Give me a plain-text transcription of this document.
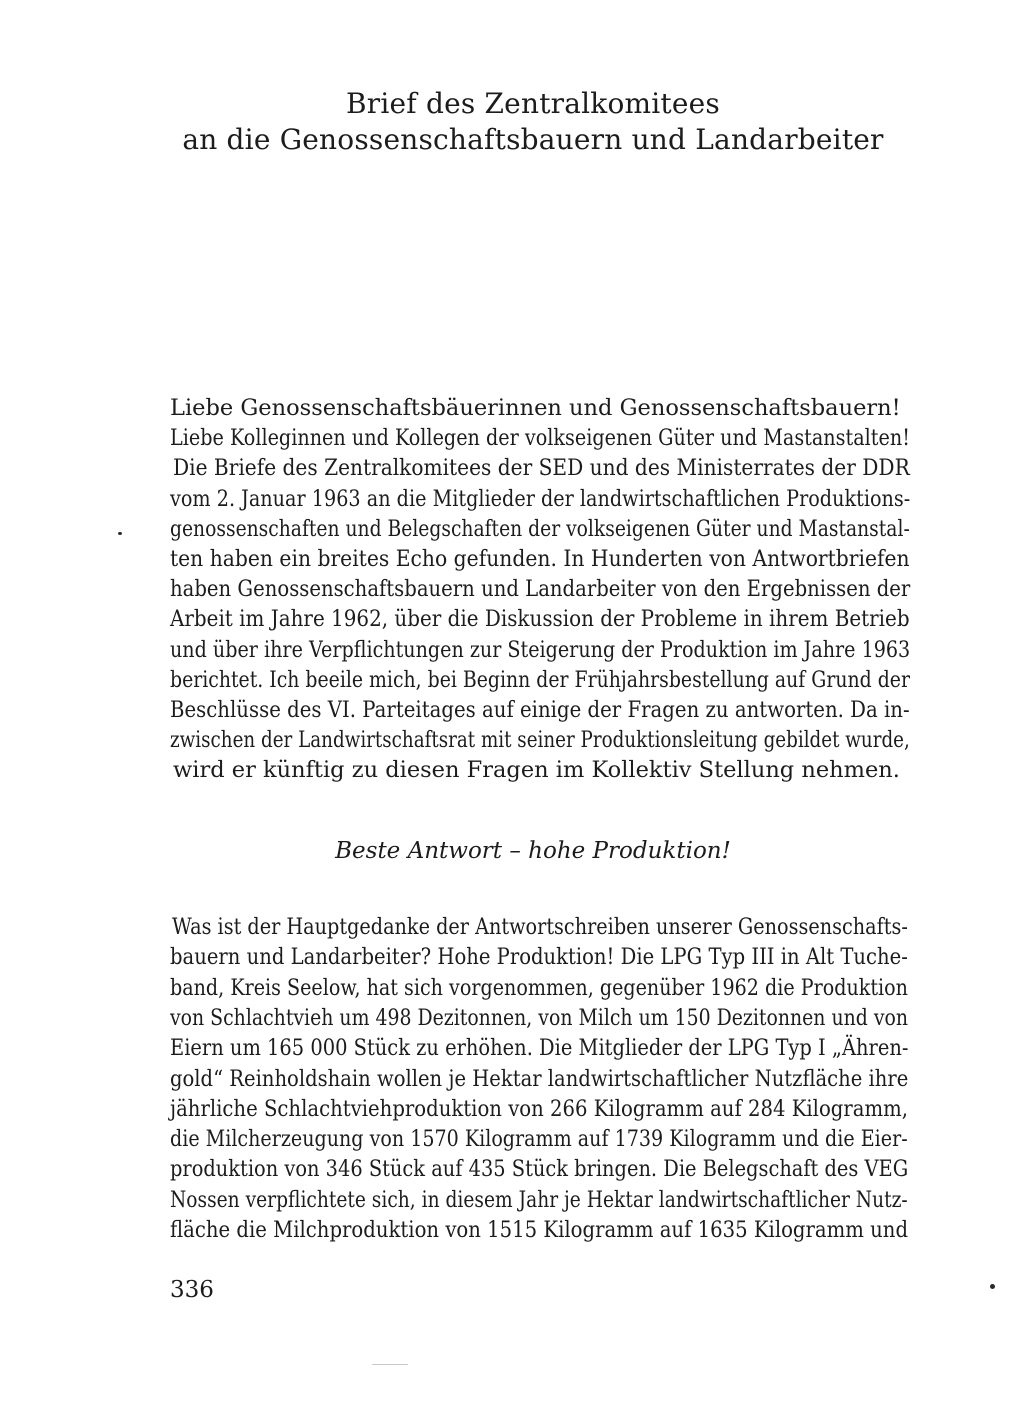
Brief des Zentralkomitees
an die Genossenschaftsbauern und Landarbeiter
Liebe Genossenschaftsbäuerinnen und Genossenschaftsbauern!
Liebe Kolleginnen und Kollegen der volkseigenen Güter und Mastanstalten!
Die Briefe des Zentralkomitees der SED und des Ministerrates der DDR
vom 2. Januar 1963 an die Mitglieder der landwirtschaftlichen Produktions-
genossenschaften und Belegschaften der volkseigenen Güter und Mastanstal-
ten haben ein breites Echo gefunden. In Hunderten von Antwortbriefen
haben Genossenschaftsbauern und Landarbeiter von den Ergebnissen der
Arbeit im Jahre 1962, über die Diskussion der Probleme in ihrem Betrieb
und über ihre Verpflichtungen zur Steigerung der Produktion im Jahre 1963
berichtet. Ich beeile mich, bei Beginn der Frühjahrsbestellung auf Grund der
Beschlüsse des VI. Parteitages auf einige der Fragen zu antworten. Da in-
zwischen der Landwirtschaftsrat mit seiner Produktionsleitung gebildet wurde,
wird er künftig zu diesen Fragen im Kollektiv Stellung nehmen.
Beste Antwort – hohe Produktion!
Was ist der Hauptgedanke der Antwortschreiben unserer Genossenschafts-
bauern und Landarbeiter? Hohe Produktion! Die LPG Typ III in Alt Tuche-
band, Kreis Seelow, hat sich vorgenommen, gegenüber 1962 die Produktion
von Schlachtvieh um 498 Dezitonnen, von Milch um 150 Dezitonnen und von
Eiern um 165 000 Stück zu erhöhen. Die Mitglieder der LPG Typ I „Ähren-
gold“ Reinholdshain wollen je Hektar landwirtschaftlicher Nutzfläche ihre
jährliche Schlachtviehproduktion von 266 Kilogramm auf 284 Kilogramm,
die Milcherzeugung von 1570 Kilogramm auf 1739 Kilogramm und die Eier-
produktion von 346 Stück auf 435 Stück bringen. Die Belegschaft des VEG
Nossen verpflichtete sich, in diesem Jahr je Hektar landwirtschaftlicher Nutz-
fläche die Milchproduktion von 1515 Kilogramm auf 1635 Kilogramm und
336
